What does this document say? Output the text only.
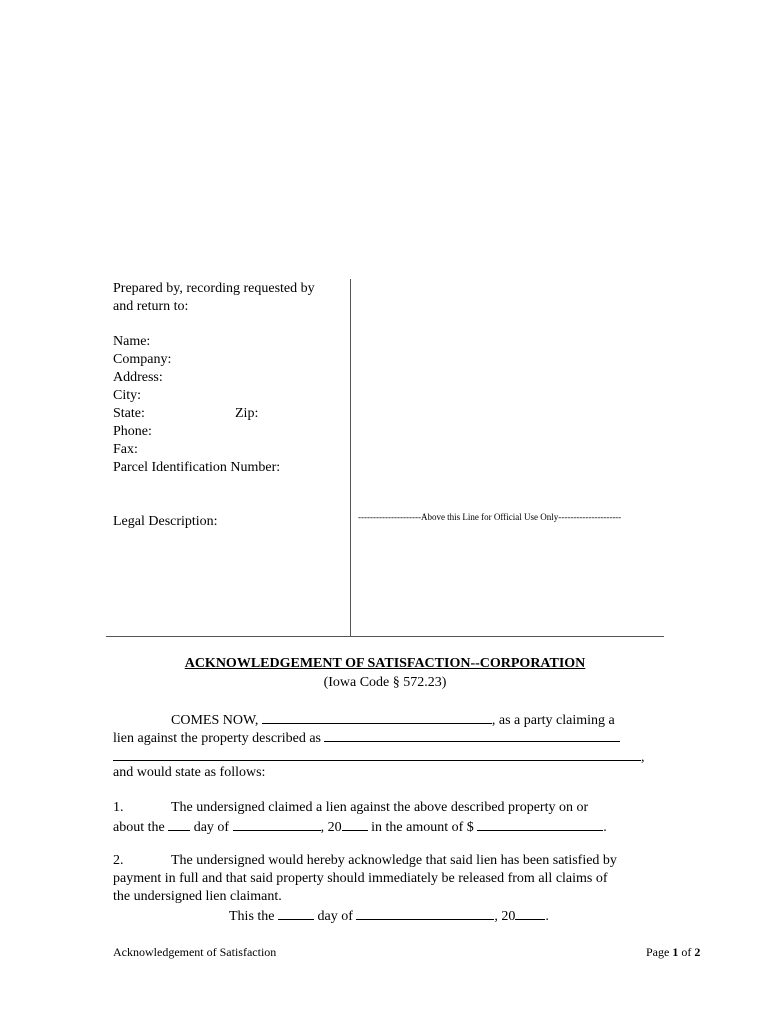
Prepared by, recording requested by
and return to:
Name:
Company:
Address:
City:
State:	Zip:
Phone:
Fax:
Parcel Identification Number:
Legal Description:	---------------------Above this Line for Official Use Only---------------------
ACKNOWLEDGEMENT OF SATISFACTION--CORPORATION
(Iowa Code § 572.23)
COMES NOW,	, as a party claiming a
lien against the property described as
,
and would state as follows:
1.	The undersigned claimed a lien against the above described property on or
about the day of	, 20 in the amount of $	.
2.	The undersigned would hereby acknowledge that said lien has been satisfied by
payment in full and that said property should immediately be released from all claims of
the undersigned lien claimant.
This the	day of	, 20 .
Acknowledgement of Satisfaction	Page 1 of 2
